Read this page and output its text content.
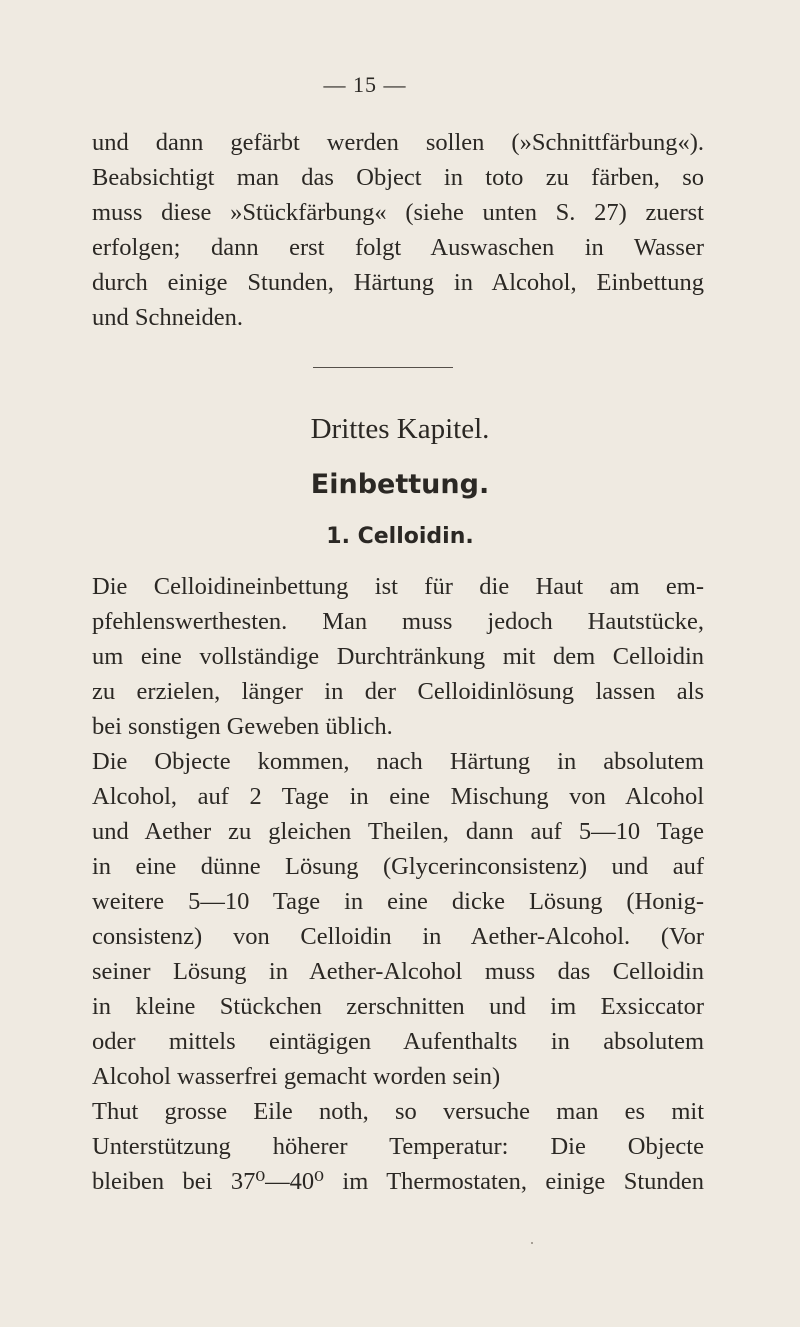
— 15 —
und dann gefärbt werden sollen (»Schnittfärbung«).
Beabsichtigt man das Object in toto zu färben, so
muss diese »Stückfärbung« (siehe unten S. 27) zuerst
erfolgen; dann erst folgt Auswaschen in Wasser
durch einige Stunden, Härtung in Alcohol, Einbettung
und Schneiden.
Drittes Kapitel.
Einbettung.
1. Celloidin.
Die Celloidineinbettung ist für die Haut am em-
pfehlenswerthesten. Man muss jedoch Hautstücke,
um eine vollständige Durchtränkung mit dem Celloidin
zu erzielen, länger in der Celloidinlösung lassen als
bei sonstigen Geweben üblich.
Die Objecte kommen, nach Härtung in absolutem
Alcohol, auf 2 Tage in eine Mischung von Alcohol
und Aether zu gleichen Theilen, dann auf 5—10 Tage
in eine dünne Lösung (Glycerinconsistenz) und auf
weitere 5—10 Tage in eine dicke Lösung (Honig-
consistenz) von Celloidin in Aether-Alcohol. (Vor
seiner Lösung in Aether-Alcohol muss das Celloidin
in kleine Stückchen zerschnitten und im Exsiccator
oder mittels eintägigen Aufenthalts in absolutem
Alcohol wasserfrei gemacht worden sein)
Thut grosse Eile noth, so versuche man es mit
Unterstützung höherer Temperatur: Die Objecte
bleiben bei 37⁰—40⁰ im Thermostaten, einige Stunden
